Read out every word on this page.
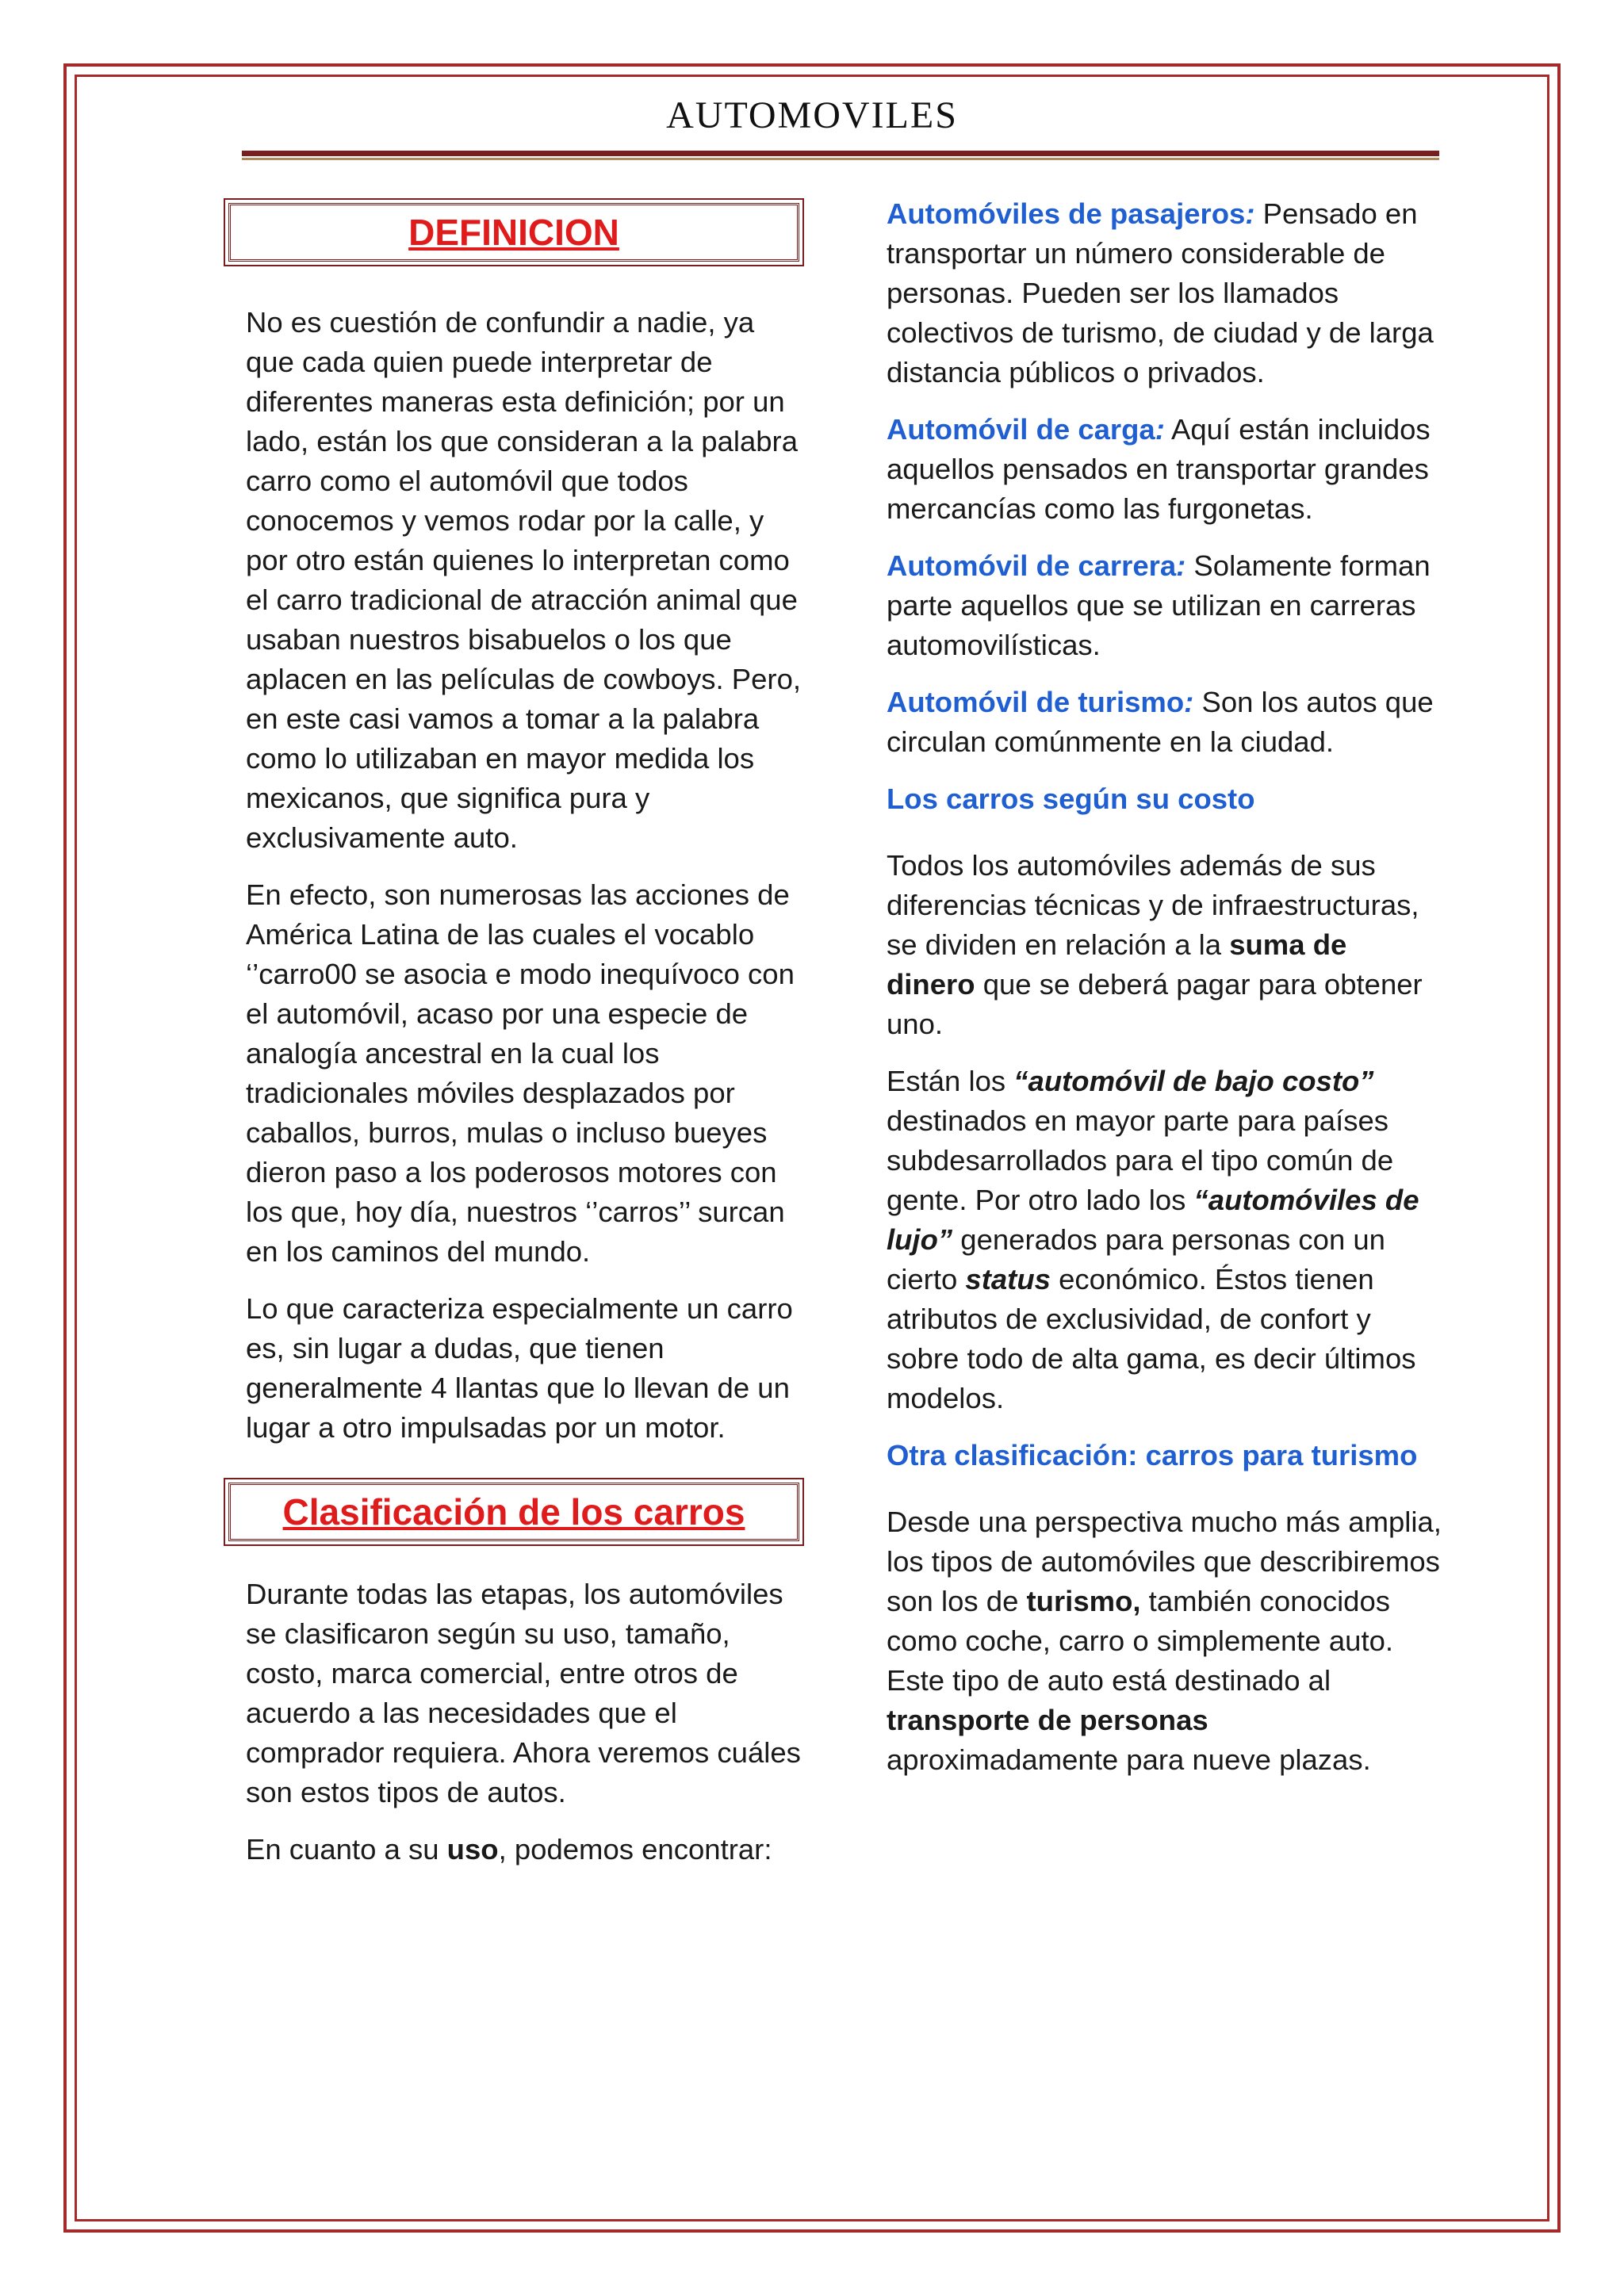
AUTOMOVILES
DEFINICION

No es cuestión de confundir a nadie, ya que cada quien puede interpretar de diferentes maneras esta definición; por un lado, están los que consideran a la palabra carro como el automóvil que todos conocemos y vemos rodar por la calle, y por otro están quienes lo interpretan como el carro tradicional de atracción animal que usaban nuestros bisabuelos o los que aplacen en las películas de cowboys. Pero, en este casi vamos a tomar a la palabra como lo utilizaban en mayor medida los mexicanos, que significa pura y exclusivamente auto.

En efecto, son numerosas las acciones de América Latina de las cuales el vocablo ‘’carro00 se asocia e modo inequívoco con el automóvil, acaso por una especie de analogía ancestral en la cual los tradicionales móviles desplazados por caballos, burros, mulas o incluso bueyes dieron paso a los poderosos motores con los que, hoy día, nuestros ‘’carros’’ surcan en los caminos del mundo.

Lo que caracteriza especialmente un carro es, sin lugar a dudas, que tienen generalmente 4 llantas que lo llevan de un lugar a otro impulsadas por un motor.

Clasificación de los carros

Durante todas las etapas, los automóviles se clasificaron según su uso, tamaño, costo, marca comercial, entre otros de acuerdo a las necesidades que el comprador requiera. Ahora veremos cuáles son estos tipos de autos.

En cuanto a su uso, podemos encontrar:

Automóviles de pasajeros: Pensado en transportar un número considerable de personas. Pueden ser los llamados colectivos de turismo, de ciudad y de larga distancia públicos o privados.

Automóvil de carga: Aquí están incluidos aquellos pensados en transportar grandes mercancías como las furgonetas.

Automóvil de carrera: Solamente forman parte aquellos que se utilizan en carreras automovilísticas.

Automóvil de turismo: Son los autos que circulan comúnmente en la ciudad.

Los carros según su costo

Todos los automóviles además de sus diferencias técnicas y de infraestructuras, se dividen en relación a la suma de dinero que se deberá pagar para obtener uno.

Están los “automóvil de bajo costo” destinados en mayor parte para países subdesarrollados para el tipo común de gente. Por otro lado los “automóviles de lujo” generados para personas con un cierto status económico. Éstos tienen atributos de exclusividad, de confort y sobre todo de alta gama, es decir últimos modelos.

Otra clasificación: carros para turismo

Desde una perspectiva mucho más amplia, los tipos de automóviles que describiremos son los de turismo, también conocidos como coche, carro o simplemente auto. Este tipo de auto está destinado al transporte de personas aproximadamente para nueve plazas.
